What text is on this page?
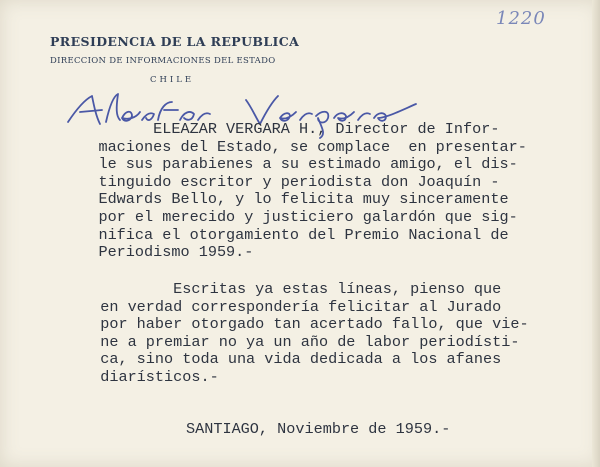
PRESIDENCIA DE LA REPUBLICA
DIRECCION DE INFORMACIONES DEL ESTADO
CHILE
1220
ELEAZAR VERGARA H., Director de Infor-
maciones del Estado, se complace  en presentar-
le sus parabienes a su estimado amigo, el dis-
tinguido escritor y periodista don Joaquín -
Edwards Bello, y lo felicita muy sinceramente
por el merecido y justiciero galardón que sig-
nifica el otorgamiento del Premio Nacional de
Periodismo 1959.-
Escritas ya estas líneas, pienso que
en verdad correspondería felicitar al Jurado
por haber otorgado tan acertado fallo, que vie-
ne a premiar no ya un año de labor periodísti-
ca, sino toda una vida dedicada a los afanes
diarísticos.-
SANTIAGO, Noviembre de 1959.-
